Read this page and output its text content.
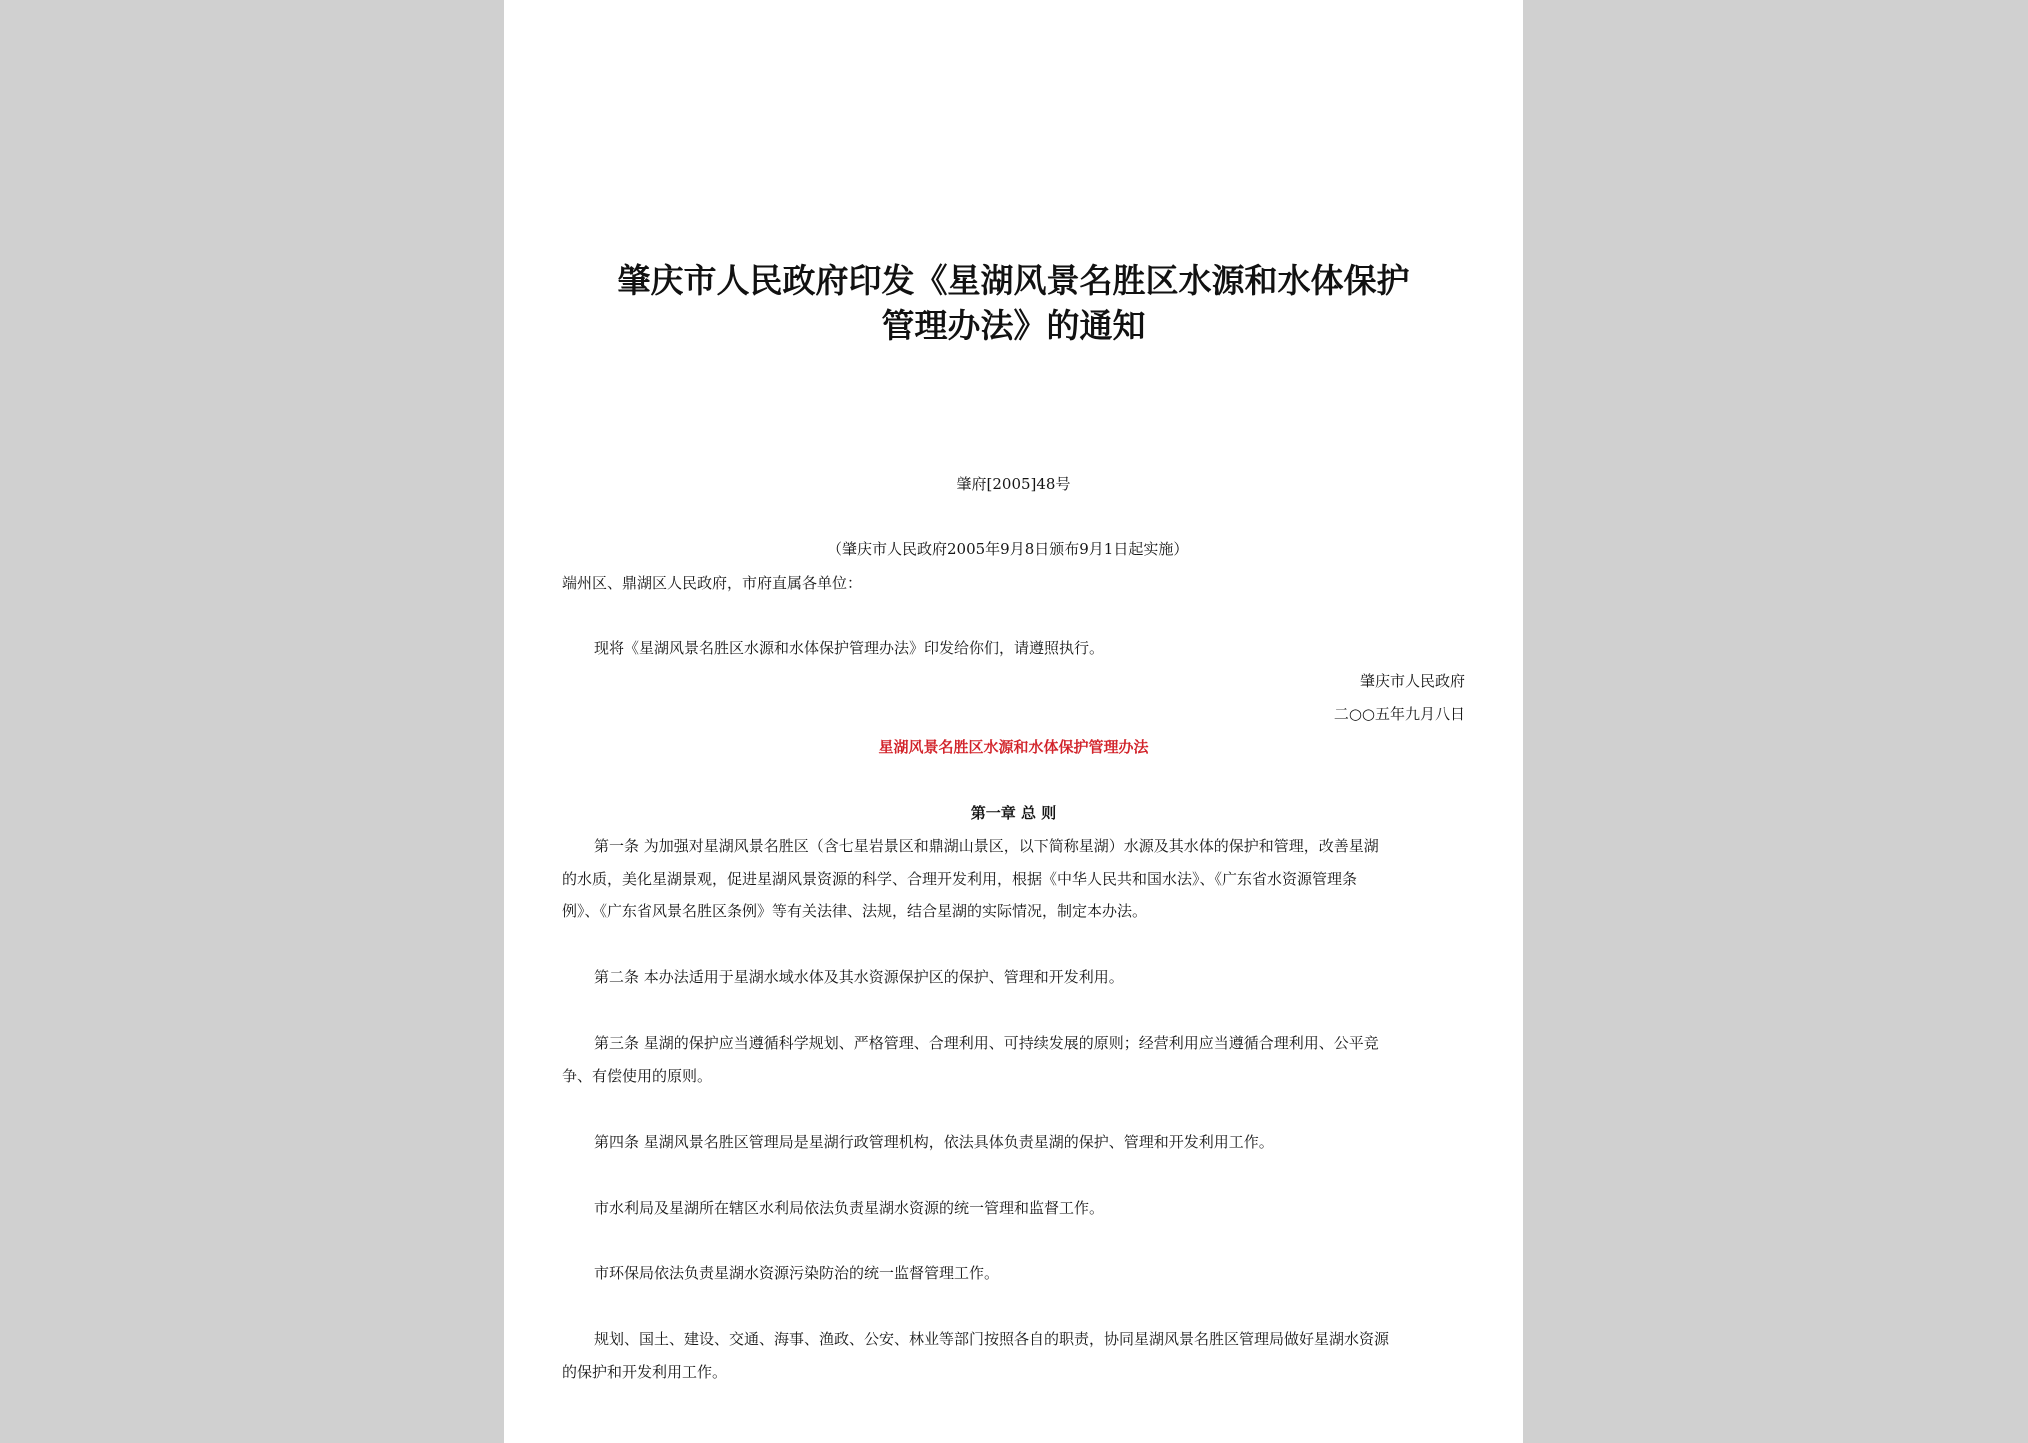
肇庆市人民政府印发《星湖风景名胜区水源和水体保护
管理办法》的通知

肇府[2005]48号

（肇庆市人民政府2005年9月8日颁布9月1日起实施）

端州区、鼎湖区人民政府，市府直属各单位：

现将《星湖风景名胜区水源和水体保护管理办法》印发给你们，请遵照执行。

肇庆市人民政府

二○○五年九月八日

星湖风景名胜区水源和水体保护管理办法

第一章 总 则

第一条 为加强对星湖风景名胜区（含七星岩景区和鼎湖山景区，以下简称星湖）水源及其水体的保护和管理，改善星湖

的水质，美化星湖景观，促进星湖风景资源的科学、合理开发利用，根据《中华人民共和国水法》、《广东省水资源管理条

例》、《广东省风景名胜区条例》等有关法律、法规，结合星湖的实际情况，制定本办法。

第二条 本办法适用于星湖水域水体及其水资源保护区的保护、管理和开发利用。

第三条 星湖的保护应当遵循科学规划、严格管理、合理利用、可持续发展的原则；经营利用应当遵循合理利用、公平竞

争、有偿使用的原则。

第四条 星湖风景名胜区管理局是星湖行政管理机构，依法具体负责星湖的保护、管理和开发利用工作。

市水利局及星湖所在辖区水利局依法负责星湖水资源的统一管理和监督工作。

市环保局依法负责星湖水资源污染防治的统一监督管理工作。

规划、国土、建设、交通、海事、渔政、公安、林业等部门按照各自的职责，协同星湖风景名胜区管理局做好星湖水资源

的保护和开发利用工作。
